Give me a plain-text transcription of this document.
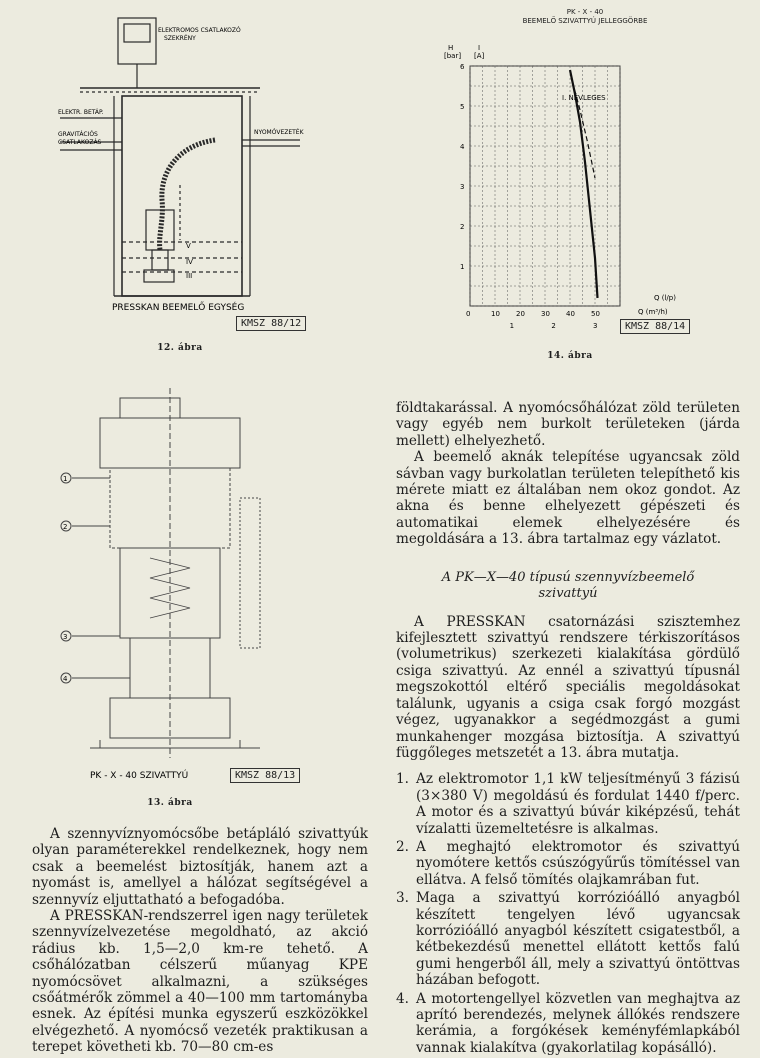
ELEKTROMOS CSATLAKOZÓ
SZEKRÉNY
ELEKTR. BETÁP.
GRAVITÁCIÓS
CSATLAKOZÁS
NYOMÓVEZETÉK
V
IV
III
PRESSKAN BEEMELŐ EGYSÉG
KMSZ 88/12
12. ábra
PK - X - 40
BEEMELŐ SZIVATTYÚ JELLEGGÖRBE
0	10 20 30 40 50
1	2	3
1
2
3
4
5
6
H
[bar]
I
[A]
I. NÉVLEGES
Q (l/p)
Q (m³/h)
KMSZ 88/14
14. ábra
1
2
3
4
PK - X - 40 SZIVATTYÚ	KMSZ 88/13
13. ábra

A szennyvíznyomócsőbe betápláló szivattyúk olyan paraméterekkel rendelkeznek, hogy nem csak a beemelést biztosítják, hanem azt a nyomást is, amellyel a hálózat segítségével a szennyvíz eljuttatható a befogadóba.

A PRESSKAN-rendszerrel igen nagy területek szennyvízelvezetése megoldható, az akció rádius kb. 1,5—2,0 km-re tehető. A csőhálózatban célszerű műanyag KPE nyomócsövet alkalmazni, a szükséges csőátmérők zömmel a 40—100 mm tartományba esnek. Az építési munka egyszerű eszközökkel elvégezhető. A nyomócső vezeték praktikusan a terepet követheti kb. 70—80 cm-es

földtakarással. A nyomócsőhálózat zöld területen vagy egyéb nem burkolt területeken (járda mellett) elhelyezhető.

A beemelő aknák telepítése ugyancsak zöld sávban vagy burkolatlan területen telepíthető kis mérete miatt ez általában nem okoz gondot. Az akna és benne elhelyezett gépészeti és automatikai elemek elhelyezésére és megoldására a 13. ábra tartalmaz egy vázlatot.

A PK—X—40 típusú szennyvízbeemelő szivattyú

A PRESSKAN csatornázási szisztemhez kifejlesztett szivattyú rendszere térkiszorításos (volumetrikus) szerkezeti kialakítása gördülő csiga szivattyú. Az ennél a szivattyú típusnál megszokottól eltérő speciális megoldásokat találunk, ugyanis a csiga csak forgó mozgást végez, ugyanakkor a segédmozgást a gumi munkahenger mozgása biztosítja. A szivattyú függőleges metszetét a 13. ábra mutatja.

1. Az elektromotor 1,1 kW teljesítményű 3 fázisú (3×380 V) megoldású és fordulat 1440 f/perc. A motor és a szivattyú búvár kiképzésű, tehát vízalatti üzemeltetésre is alkalmas.
2. A meghajtó elektromotor és szivattyú nyomótere kettős csúszógyűrűs tömítéssel van ellátva. A felső tömítés olajkamrában fut.
3. Maga a szivattyú korrózióálló anyagból készített tengelyen lévő ugyancsak korrózióálló anyagból készített csigatestből, a kétbekezdésű menettel ellátott kettős falú gumi hengerből áll, mely a szivattyú öntöttvas házában befogott.
4. A motortengellyel közvetlen van meghajtva az aprító berendezés, melynek állókés rendszere kerámia, a forgókések keményfémlapkából vannak kialakítva (gyakorlatilag kopásálló).
